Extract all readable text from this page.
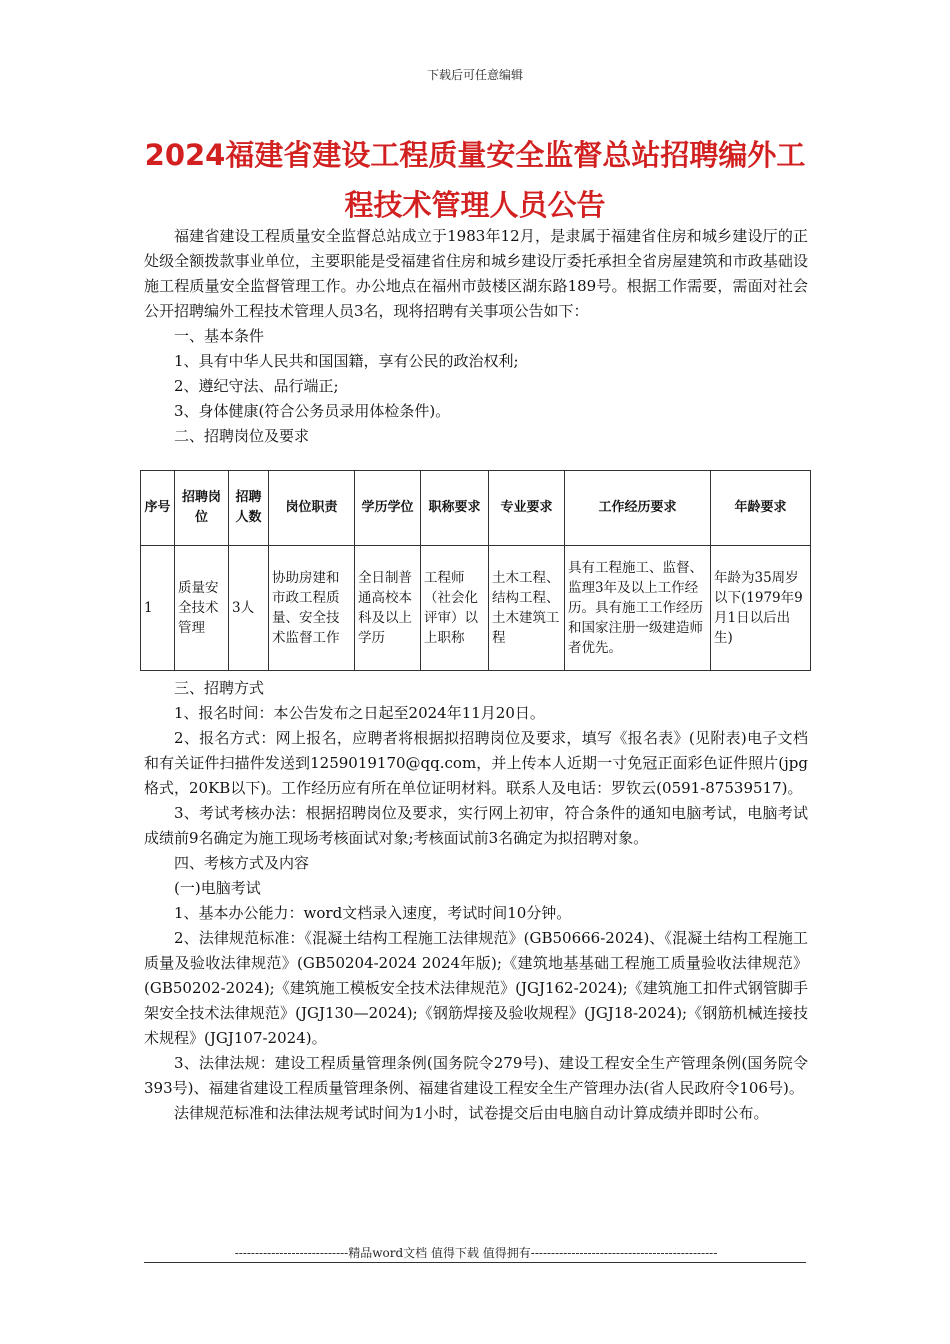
下载后可任意编辑
2024福建省建设工程质量安全监督总站招聘编外工程技术管理人员公告

福建省建设工程质量安全监督总站成立于1983年12月，是隶属于福建省住房和城乡建设厅的正处级全额拨款事业单位，主要职能是受福建省住房和城乡建设厅委托承担全省房屋建筑和市政基础设施工程质量安全监督管理工作。办公地点在福州市鼓楼区湖东路189号。根据工作需要，需面对社会公开招聘编外工程技术管理人员3名，现将招聘有关事项公告如下：

一、基本条件

1、具有中华人民共和国国籍，享有公民的政治权利;

2、遵纪守法、品行端正;

3、身体健康(符合公务员录用体检条件)。

二、招聘岗位及要求

序号	招聘岗位	招聘人数	岗位职责	学历学位	职称要求	专业要求	工作经历要求	年龄要求
1	质量安全技术管理	3人	协助房建和市政工程质量、安全技术监督工作	全日制普通高校本科及以上学历	工程师（社会化评审）以上职称	土木工程、结构工程、土木建筑工程	具有工程施工、监督、监理3年及以上工作经历。具有施工工作经历和国家注册一级建造师者优先。	年龄为35周岁以下(1979年9月1日以后出生)

三、招聘方式

1、报名时间：本公告发布之日起至2024年11月20日。

2、报名方式：网上报名，应聘者将根据拟招聘岗位及要求，填写《报名表》(见附表)电子文档和有关证件扫描件发送到1259019170@qq.com，并上传本人近期一寸免冠正面彩色证件照片(jpg格式，20KB以下)。工作经历应有所在单位证明材料。联系人及电话：罗钦云(0591-87539517)。

3、考试考核办法：根据招聘岗位及要求，实行网上初审，符合条件的通知电脑考试，电脑考试成绩前9名确定为施工现场考核面试对象;考核面试前3名确定为拟招聘对象。

四、考核方式及内容

(一)电脑考试

1、基本办公能力：word文档录入速度，考试时间10分钟。

2、法律规范标准：《混凝土结构工程施工法律规范》(GB50666-2024)、《混凝土结构工程施工质量及验收法律规范》(GB50204-2024 2024年版);《建筑地基基础工程施工质量验收法律规范》(GB50202-2024);《建筑施工模板安全技术法律规范》(JGJ162-2024);《建筑施工扣件式钢管脚手架安全技术法律规范》(JGJ130—2024);《钢筋焊接及验收规程》(JGJ18-2024);《钢筋机械连接技术规程》(JGJ107-2024)。

3、法律法规：建设工程质量管理条例(国务院令279号)、建设工程安全生产管理条例(国务院令393号)、福建省建设工程质量管理条例、福建省建设工程安全生产管理办法(省人民政府令106号)。

法律规范标准和法律法规考试时间为1小时，试卷提交后由电脑自动计算成绩并即时公布。

----------------------------精品word文档 值得下载 值得拥有----------------------------------------------
